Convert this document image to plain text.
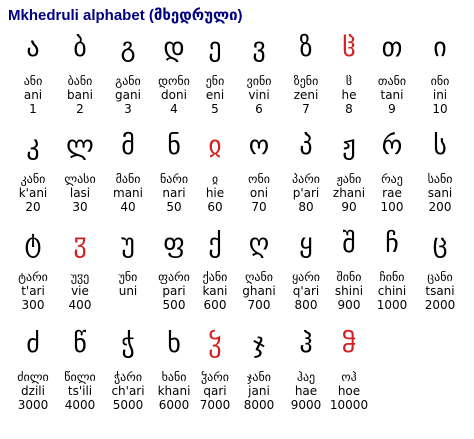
Mkhedruli alphabet (მხედრული)
ა
ანი
ani
1
ბ
ბანი
bani
2
გ
განი
gani
3
დ
დონი
doni
4
ე
ენი
eni
5
ვ
ვინი
vini
6
ზ
ზენი
zeni
7
ჱ
ჱ
he
8
თ
თანი
tani
9
ი
ინი
ini
10
კ
კანი
k'ani
20
ლ
ლასი
lasi
30
მ
მანი
mani
40
ნ
ნარი
nari
50
ჲ
ჲ
hie
60
ო
ონი
oni
70
პ
პარი
p'ari
80
ჟ
ჟანი
zhani
90
რ
რაე
rae
100
ს
სანი
sani
200
ტ
ტარი
t'ari
300
ჳ
უჳე
vie
400
უ
უნი
uni
ფ
ფარი
pari
500
ქ
ქანი
kani
600
ღ
ღანი
ghani
700
ყ
ყარი
q'ari
800
შ
შინი
shini
900
ჩ
ჩინი
chini
1000
ც
ცანი
tsani
2000
ძ
ძილი
dzili
3000
წ
წილი
ts'ili
4000
ჭ
ჭარი
ch'ari
5000
ხ
ხანი
khani
6000
ჴ
ჴარი
qari
7000
ჯ
ჯანი
jani
8000
ჰ
ჰაე
hae
9000
ჵ
ოჰ
hoe
10000
